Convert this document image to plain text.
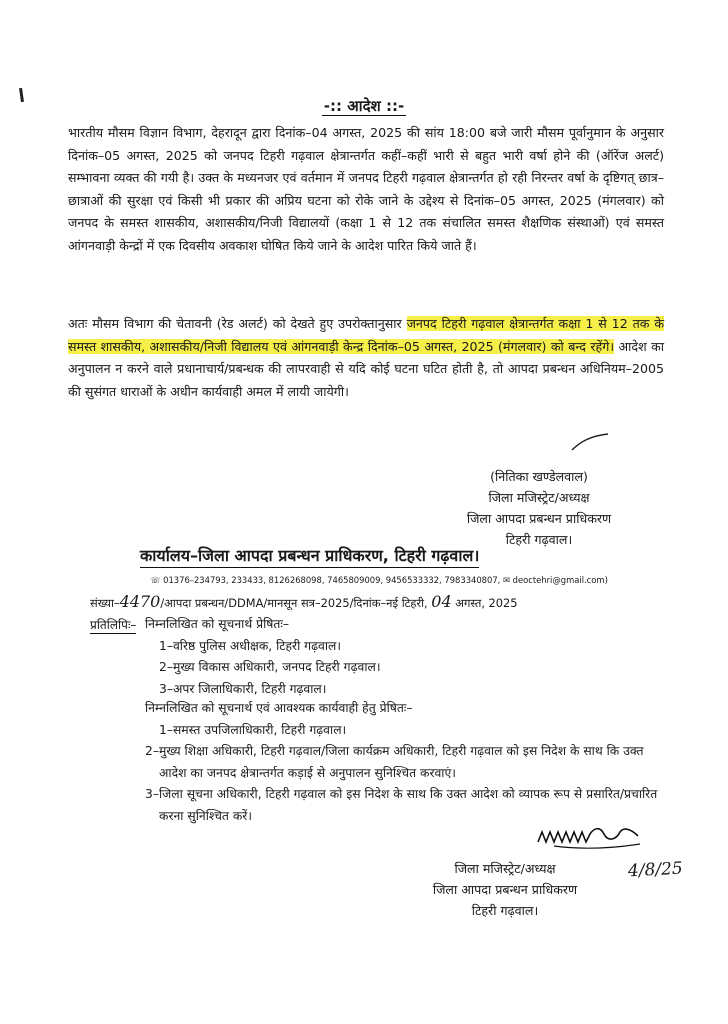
-:: आदेश ::-

भारतीय मौसम विज्ञान विभाग, देहरादून द्वारा दिनांक–04 अगस्त, 2025 की सांय 18:00 बजे जारी मौसम पूर्वानुमान के अनुसार दिनांक–05 अगस्त, 2025 को जनपद टिहरी गढ़वाल क्षेत्रान्तर्गत कहीं–कहीं भारी से बहुत भारी वर्षा होने की (ऑरेंज अलर्ट) सम्भावना व्यक्त की गयी है। उक्त के मध्यनजर एवं वर्तमान में जनपद टिहरी गढ़वाल क्षेत्रान्तर्गत हो रही निरन्तर वर्षा के दृष्टिगत् छात्र–छात्राओं की सुरक्षा एवं किसी भी प्रकार की अप्रिय घटना को रोके जाने के उद्देश्य से दिनांक–05 अगस्त, 2025 (मंगलवार) को जनपद के समस्त शासकीय, अशासकीय/निजी विद्यालयों (कक्षा 1 से 12 तक संचालित समस्त शैक्षणिक संस्थाओं) एवं समस्त आंगनवाड़ी केन्द्रों में एक दिवसीय अवकाश घोषित किये जाने के आदेश पारित किये जाते हैं।

अतः मौसम विभाग की चेतावनी (रेड अलर्ट) को देखते हुए उपरोक्तानुसार जनपद टिहरी गढ़वाल क्षेत्रान्तर्गत कक्षा 1 से 12 तक के समस्त शासकीय, अशासकीय/निजी विद्यालय एवं आंगनवाड़ी केन्द्र दिनांक–05 अगस्त, 2025 (मंगलवार) को बन्द रहेंगे। आदेश का अनुपालन न करने वाले प्रधानाचार्य/प्रबन्धक की लापरवाही से यदि कोई घटना घटित होती है, तो आपदा प्रबन्धन अधिनियम–2005 की सुसंगत धाराओं के अधीन कार्यवाही अमल में लायी जायेगी।

(नितिका खण्डेलवाल)
जिला मजिस्ट्रेट/अध्यक्ष
जिला आपदा प्रबन्धन प्राधिकरण
टिहरी गढ़वाल।
कार्यालय–जिला आपदा प्रबन्धन प्राधिकरण, टिहरी गढ़वाल।
☏ 01376–234793, 233433, 8126268098, 7465809009, 9456533332, 7983340807, ✉ deoctehri@gmail.com)
संख्या–4470/आपदा प्रबन्धन/DDMA/मानसून सत्र–2025/दिनांक–नई टिहरी, 04 अगस्त, 2025
प्रतिलिपिः– निम्नलिखित को सूचनार्थ प्रेषितः–
1–वरिष्ठ पुलिस अधीक्षक, टिहरी गढ़वाल।
2–मुख्य विकास अधिकारी, जनपद टिहरी गढ़वाल।
3–अपर जिलाधिकारी, टिहरी गढ़वाल।
निम्नलिखित को सूचनार्थ एवं आवश्यक कार्यवाही हेतु प्रेषितः–
1–समस्त उपजिलाधिकारी, टिहरी गढ़वाल।
2–मुख्य शिक्षा अधिकारी, टिहरी गढ़वाल/जिला कार्यक्रम अधिकारी, टिहरी गढ़वाल को इस निदेश के साथ कि उक्त आदेश का जनपद क्षेत्रान्तर्गत कड़ाई से अनुपालन सुनिश्चित करवाएं।
3–जिला सूचना अधिकारी, टिहरी गढ़वाल को इस निदेश के साथ कि उक्त आदेश को व्यापक रूप से प्रसारित/प्रचारित करना सुनिश्चित करें।
जिला मजिस्ट्रेट/अध्यक्ष
जिला आपदा प्रबन्धन प्राधिकरण
टिहरी गढ़वाल।
4/8/25
